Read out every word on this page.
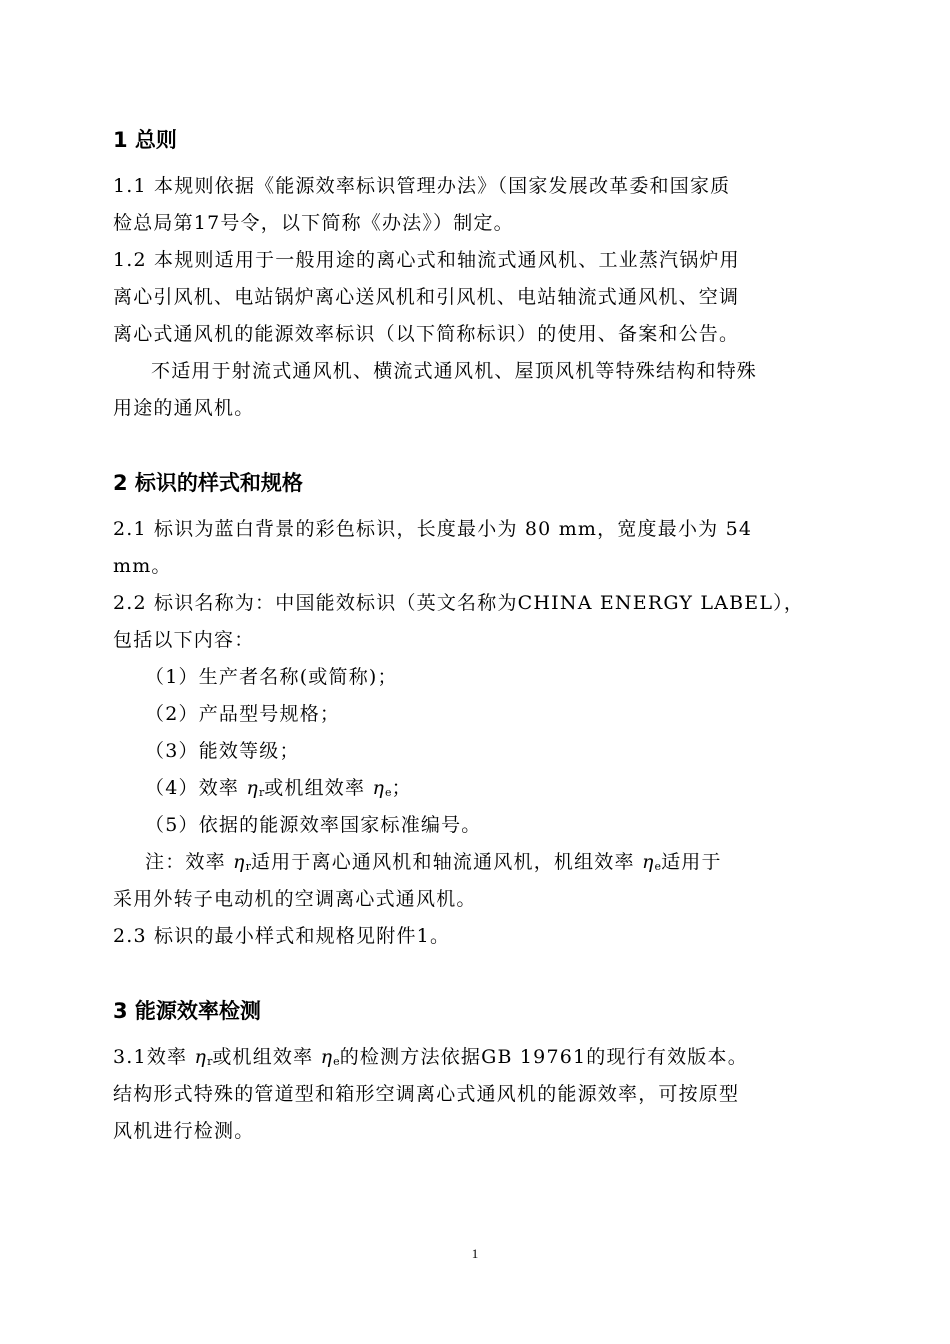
1 总则
1.1 本规则依据《能源效率标识管理办法》（国家发展改革委和国家质
检总局第17号令，以下简称《办法》）制定。
1.2 本规则适用于一般用途的离心式和轴流式通风机、工业蒸汽锅炉用
离心引风机、电站锅炉离心送风机和引风机、电站轴流式通风机、空调
离心式通风机的能源效率标识（以下简称标识）的使用、备案和公告。
不适用于射流式通风机、横流式通风机、屋顶风机等特殊结构和特殊
用途的通风机。
2 标识的样式和规格
2.1 标识为蓝白背景的彩色标识，长度最小为 80 mm，宽度最小为 54
mm。
2.2 标识名称为：中国能效标识（英文名称为CHINA ENERGY LABEL），
包括以下内容：
（1）生产者名称(或简称)；
（2）产品型号规格；
（3）能效等级；
（4）效率 ηr或机组效率 ηe；
（5）依据的能源效率国家标准编号。
注：效率 ηr适用于离心通风机和轴流通风机，机组效率 ηe适用于
采用外转子电动机的空调离心式通风机。
2.3 标识的最小样式和规格见附件1。
3 能源效率检测
3.1效率 ηr或机组效率 ηe的检测方法依据GB 19761的现行有效版本。
结构形式特殊的管道型和箱形空调离心式通风机的能源效率，可按原型
风机进行检测。
1
